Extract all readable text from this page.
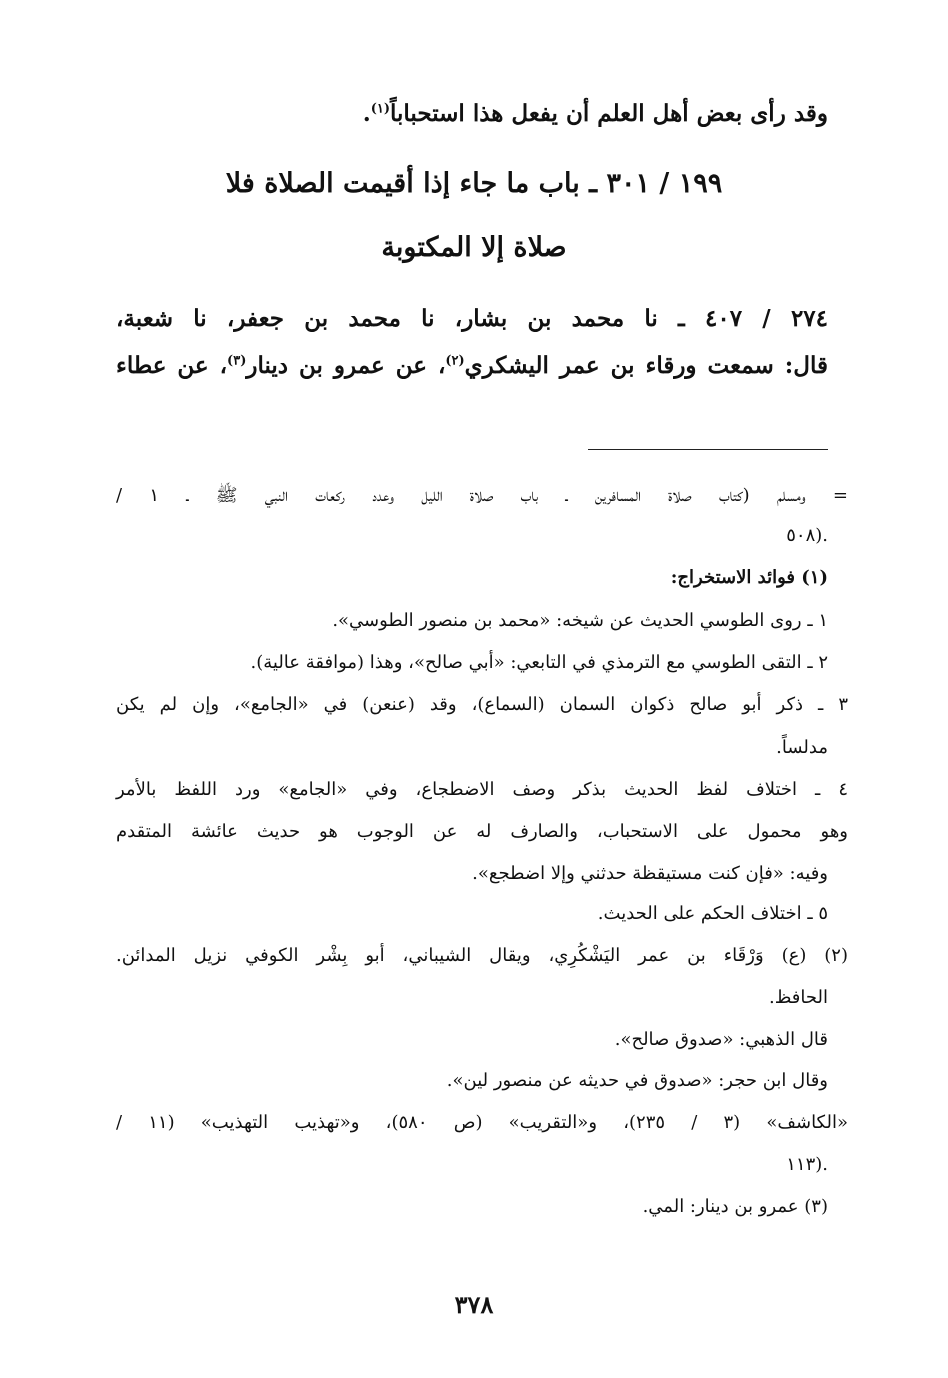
وقد رأى بعض أهل العلم أن يفعل هذا استحباباً$^{(١)}$.
١٩٩ / ٣٠١ ـ باب ما جاء إذا أقيمت الصلاة فلا
صلاة إلا المكتوبة
٢٧٤ / ٤٠٧ ـ نا محمد بن بشار، نا محمد بن جعفر، نا شعبة،
قال: سمعت ورقاء بن عمر اليشكري$^{(٢)}$، عن عمرو بن دينار$^{(٣)}$، عن عطاء
= ومسلم (كتاب صلاة المسافرين ـ باب صلاة الليل وعدد ركعات النبي ﷺ ـ ١ /
٥٠٨).
(١) فوائد الاستخراج:
١ ـ روى الطوسي الحديث عن شيخه: «محمد بن منصور الطوسي».
٢ ـ التقى الطوسي مع الترمذي في التابعي: «أبي صالح»، وهذا (موافقة عالية).
٣ ـ ذكر أبو صالح ذكوان السمان (السماع)، وقد (عنعن) في «الجامع»، وإن لم يكن
مدلساً.
٤ ـ اختلاف لفظ الحديث بذكر وصف الاضطجاع، وفي «الجامع» ورد اللفظ بالأمر
وهو محمول على الاستحباب، والصارف له عن الوجوب هو حديث عائشة المتقدم
وفيه: «فإن كنت مستيقظة حدثني وإلا اضطجع».
٥ ـ اختلاف الحكم على الحديث.
(٢) (ع) وَرْقَاء بن عمر اليَشْكُرِي، ويقال الشيباني، أبو بِشْر الكوفي نزيل المدائن.
الحافظ.
قال الذهبي: «صدوق صالح».
وقال ابن حجر: «صدوق في حديثه عن منصور لين».
«الكاشف» (٣ / ٢٣٥)، و«التقريب» (ص ٥٨٠)، و«تهذيب التهذيب» (١١ /
١١٣).
(٣) عمرو بن دينار: المي.
٣٧٨
